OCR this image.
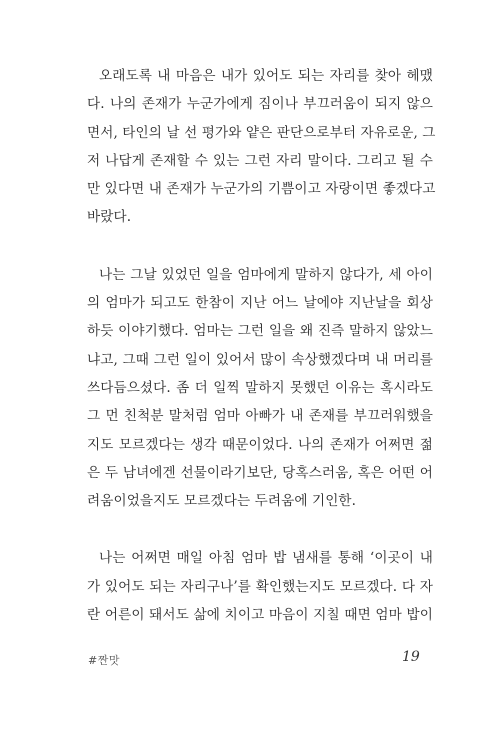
오래도록 내 마음은 내가 있어도 되는 자리를 찾아 헤맸
다. 나의 존재가 누군가에게 짐이나 부끄러움이 되지 않으
면서, 타인의 날 선 평가와 얕은 판단으로부터 자유로운, 그
저 나답게 존재할 수 있는 그런 자리 말이다. 그리고 될 수
만 있다면 내 존재가 누군가의 기쁨이고 자랑이면 좋겠다고
바랐다.
나는 그날 있었던 일을 엄마에게 말하지 않다가, 세 아이
의 엄마가 되고도 한참이 지난 어느 날에야 지난날을 회상
하듯 이야기했다. 엄마는 그런 일을 왜 진즉 말하지 않았느
냐고, 그때 그런 일이 있어서 많이 속상했겠다며 내 머리를
쓰다듬으셨다. 좀 더 일찍 말하지 못했던 이유는 혹시라도
그 먼 친척분 말처럼 엄마 아빠가 내 존재를 부끄러워했을
지도 모르겠다는 생각 때문이었다. 나의 존재가 어쩌면 젊
은 두 남녀에겐 선물이라기보단, 당혹스러움, 혹은 어떤 어
려움이었을지도 모르겠다는 두려움에 기인한.
나는 어쩌면 매일 아침 엄마 밥 냄새를 통해 ‘이곳이 내
가 있어도 되는 자리구나’를 확인했는지도 모르겠다. 다 자
란 어른이 돼서도 삶에 치이고 마음이 지칠 때면 엄마 밥이
#짠맛	19
